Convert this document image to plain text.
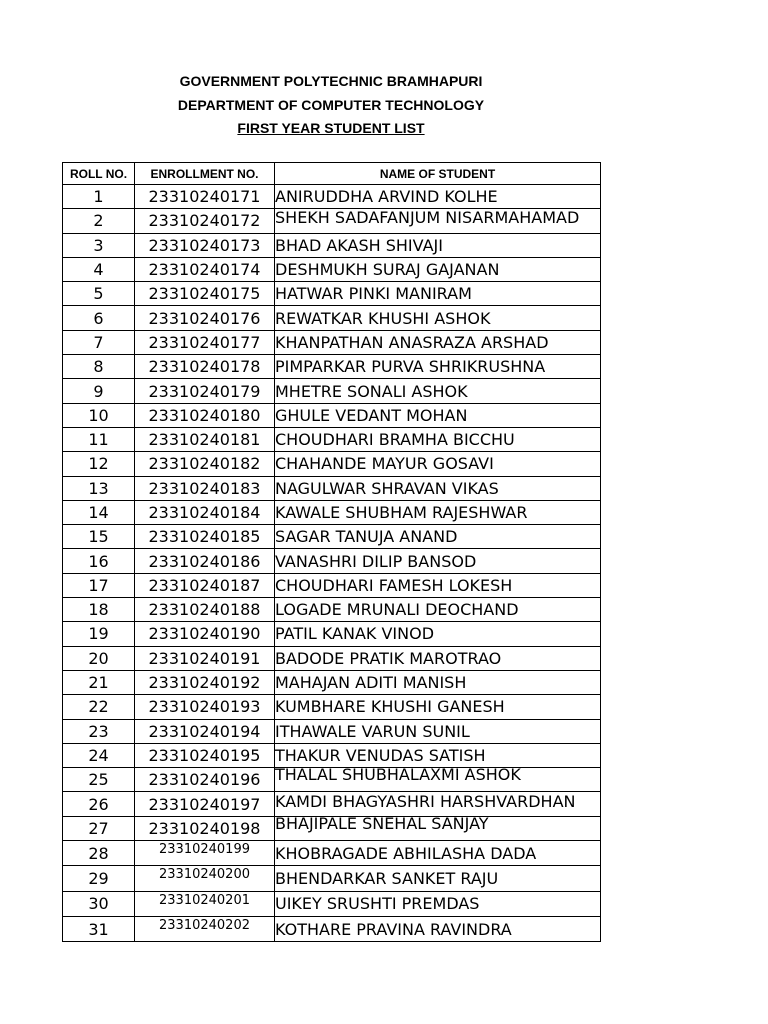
GOVERNMENT POLYTECHNIC BRAMHAPURI
DEPARTMENT OF COMPUTER TECHNOLOGY
FIRST YEAR STUDENT LIST
ROLL NO.	ENROLLMENT NO.	NAME OF STUDENT
1	23310240171	ANIRUDDHA ARVIND KOLHE
2	23310240172	SHEKH SADAFANJUM NISARMAHAMAD

3	23310240173	BHAD AKASH SHIVAJI
4	23310240174	DESHMUKH SURAJ GAJANAN
5	23310240175	HATWAR PINKI MANIRAM
6	23310240176	REWATKAR KHUSHI ASHOK
7	23310240177	KHANPATHAN ANASRAZA ARSHAD
8	23310240178	PIMPARKAR PURVA SHRIKRUSHNA
9	23310240179	MHETRE SONALI ASHOK
10	23310240180	GHULE VEDANT MOHAN
11	23310240181	CHOUDHARI BRAMHA BICCHU
12	23310240182	CHAHANDE MAYUR GOSAVI
13	23310240183	NAGULWAR SHRAVAN VIKAS
14	23310240184	KAWALE SHUBHAM RAJESHWAR
15	23310240185	SAGAR TANUJA ANAND
16	23310240186	VANASHRI DILIP BANSOD
17	23310240187	CHOUDHARI FAMESH LOKESH
18	23310240188	LOGADE MRUNALI DEOCHAND
19	23310240190	PATIL KANAK VINOD
20	23310240191	BADODE PRATIK MAROTRAO
21	23310240192	MAHAJAN ADITI MANISH
22	23310240193	KUMBHARE KHUSHI GANESH
23	23310240194	ITHAWALE VARUN SUNIL
24	23310240195	THAKUR VENUDAS SATISH
25	23310240196	THALAL SHUBHALAXMI ASHOK

26	23310240197	KAMDI BHAGYASHRI HARSHVARDHAN

27	23310240198	BHAJIPALE SNEHAL SANJAY

28	23310240199	KHOBRAGADE ABHILASHA DADA
29	23310240200	BHENDARKAR SANKET RAJU
30	23310240201	UIKEY SRUSHTI PREMDAS
31	23310240202	KOTHARE PRAVINA RAVINDRA
